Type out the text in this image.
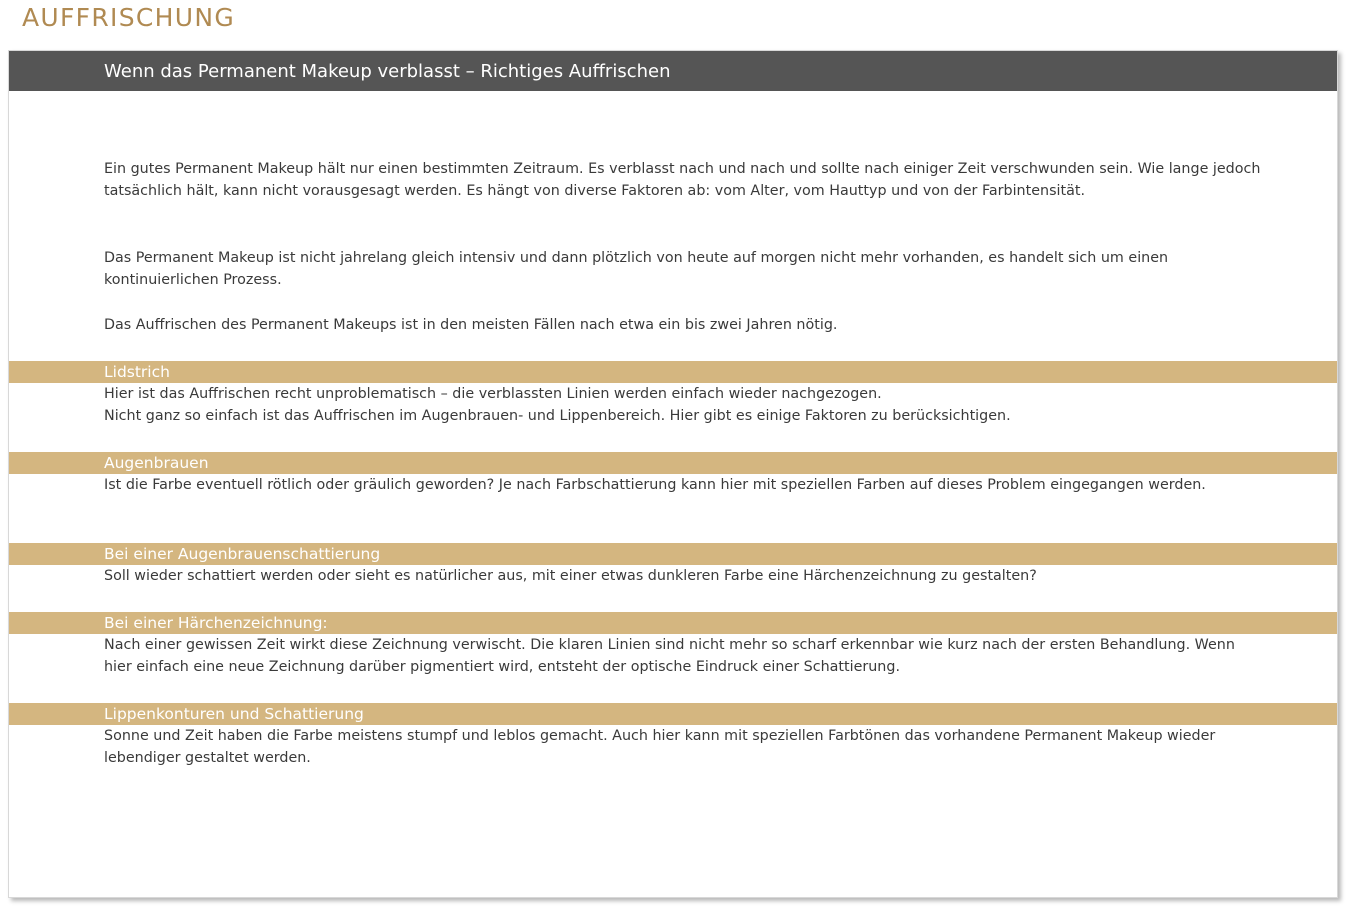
AUFFRISCHUNG
Wenn das Permanent Makeup verblasst – Richtiges Auffrischen

Ein gutes Permanent Makeup hält nur einen bestimmten Zeitraum. Es verblasst nach und nach und sollte nach einiger Zeit verschwunden sein. Wie lange jedoch tatsächlich hält, kann nicht vorausgesagt werden. Es hängt von diverse Faktoren ab: vom Alter, vom Hauttyp und von der Farbintensität.

Das Permanent Makeup ist nicht jahrelang gleich intensiv und dann plötzlich von heute auf morgen nicht mehr vorhanden, es handelt sich um einen kontinuierlichen Prozess.

Das Auffrischen des Permanent Makeups ist in den meisten Fällen nach etwa ein bis zwei Jahren nötig.

Lidstrich

Hier ist das Auffrischen recht unproblematisch – die verblassten Linien werden einfach wieder nachgezogen.

Nicht ganz so einfach ist das Auffrischen im Augenbrauen- und Lippenbereich. Hier gibt es einige Faktoren zu berücksichtigen.

Augenbrauen

Ist die Farbe eventuell rötlich oder gräulich geworden? Je nach Farbschattierung kann hier mit speziellen Farben auf dieses Problem eingegangen werden.

Bei einer Augenbrauenschattierung

Soll wieder schattiert werden oder sieht es natürlicher aus, mit einer etwas dunkleren Farbe eine Härchenzeichnung zu gestalten?

Bei einer Härchenzeichnung:

Nach einer gewissen Zeit wirkt diese Zeichnung verwischt. Die klaren Linien sind nicht mehr so scharf erkennbar wie kurz nach der ersten Behandlung. Wenn hier einfach eine neue Zeichnung darüber pigmentiert wird, entsteht der optische Eindruck einer Schattierung.

Lippenkonturen und Schattierung

Sonne und Zeit haben die Farbe meistens stumpf und leblos gemacht. Auch hier kann mit speziellen Farbtönen das vorhandene Permanent Makeup wieder lebendiger gestaltet werden.
